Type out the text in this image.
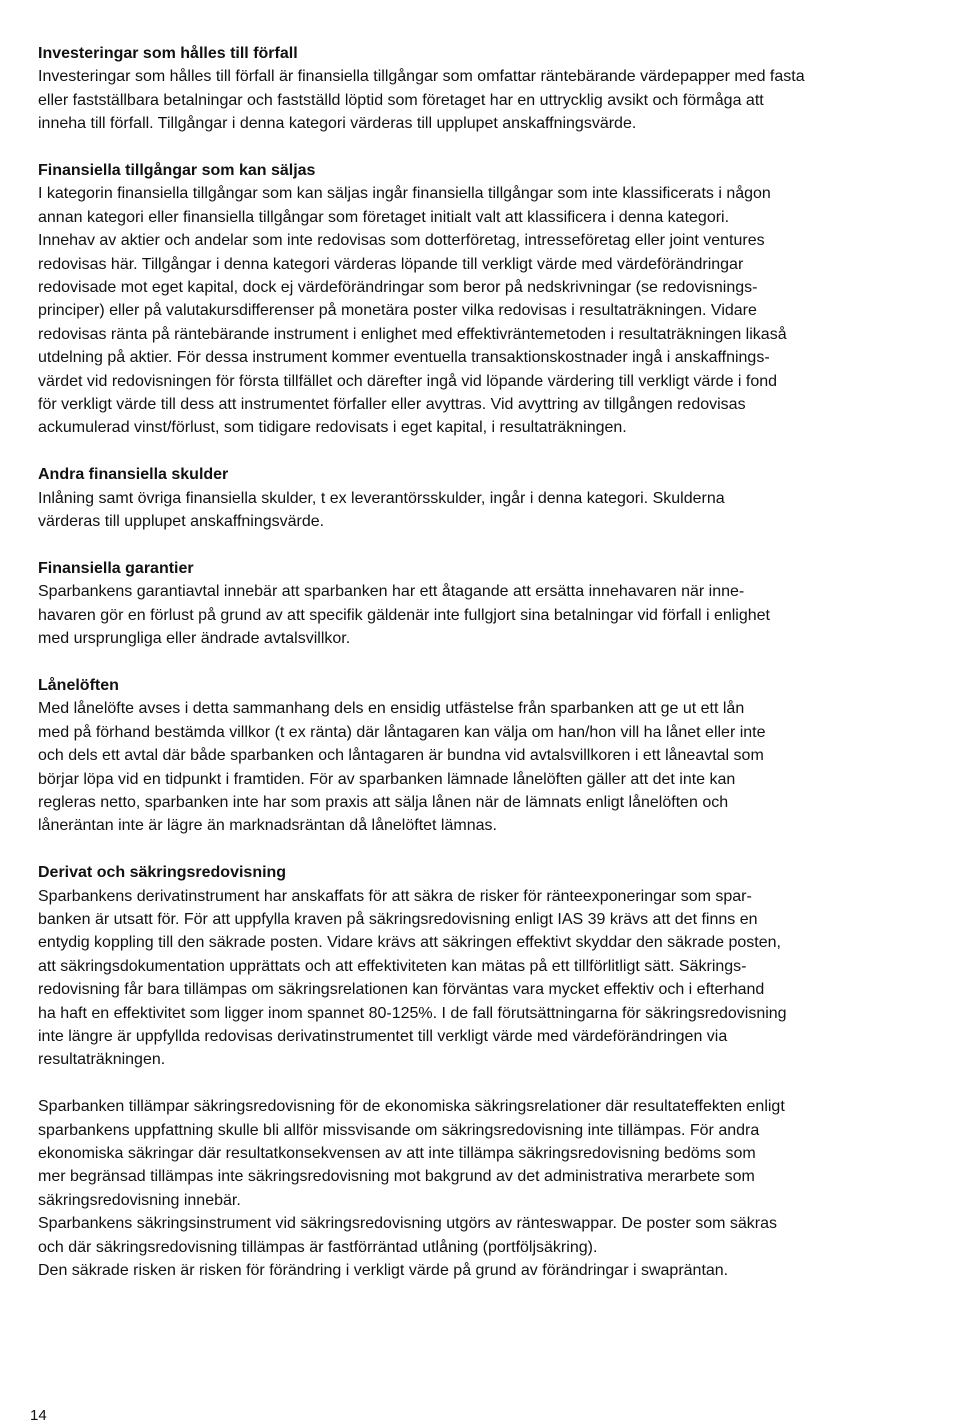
Investeringar som hålles till förfall

Investeringar som hålles till förfall är finansiella tillgångar som omfattar räntebärande värdepapper med fasta
eller fastställbara betalningar och fastställd löptid som företaget har en uttrycklig avsikt och förmåga att
inneha till förfall. Tillgångar i denna kategori värderas till upplupet anskaffningsvärde.

Finansiella tillgångar som kan säljas

I kategorin finansiella tillgångar som kan säljas ingår finansiella tillgångar som inte klassificerats i någon
annan kategori eller finansiella tillgångar som företaget initialt valt att klassificera i denna kategori.
Innehav av aktier och andelar som inte redovisas som dotterföretag, intresseföretag eller joint ventures
redovisas här. Tillgångar i denna kategori värderas löpande till verkligt värde med värdeförändringar
redovisade mot eget kapital, dock ej värdeförändringar som beror på nedskrivningar (se redovisnings-
principer) eller på valutakursdifferenser på monetära poster vilka redovisas i resultaträkningen. Vidare
redovisas ränta på räntebärande instrument i enlighet med effektivräntemetoden i resultaträkningen likaså
utdelning på aktier. För dessa instrument kommer eventuella transaktionskostnader ingå i anskaffnings-
värdet vid redovisningen för första tillfället och därefter ingå vid löpande värdering till verkligt värde i fond
för verkligt värde till dess att instrumentet förfaller eller avyttras. Vid avyttring av tillgången redovisas
ackumulerad vinst/förlust, som tidigare redovisats i eget kapital, i resultaträkningen.

Andra finansiella skulder

Inlåning samt övriga finansiella skulder, t ex leverantörsskulder, ingår i denna kategori. Skulderna
värderas till upplupet anskaffningsvärde.

Finansiella garantier

Sparbankens garantiavtal innebär att sparbanken har ett åtagande att ersätta innehavaren när inne-
havaren gör en förlust på grund av att specifik gäldenär inte fullgjort sina betalningar vid förfall i enlighet
med ursprungliga eller ändrade avtalsvillkor.

Lånelöften

Med lånelöfte avses i detta sammanhang dels en ensidig utfästelse från sparbanken att ge ut ett lån
med på förhand bestämda villkor (t ex ränta) där låntagaren kan välja om han/hon vill ha lånet eller inte
och dels ett avtal där både sparbanken och låntagaren är bundna vid avtalsvillkoren i ett låneavtal som
börjar löpa vid en tidpunkt i framtiden. För av sparbanken lämnade lånelöften gäller att det inte kan
regleras netto, sparbanken inte har som praxis att sälja lånen när de lämnats enligt lånelöften och
låneräntan inte är lägre än marknadsräntan då lånelöftet lämnas.

Derivat och säkringsredovisning

Sparbankens derivatinstrument har anskaffats för att säkra de risker för ränteexponeringar som spar-
banken är utsatt för. För att uppfylla kraven på säkringsredovisning enligt IAS 39 krävs att det finns en
entydig koppling till den säkrade posten. Vidare krävs att säkringen effektivt skyddar den säkrade posten,
att säkringsdokumentation upprättats och att effektiviteten kan mätas på ett tillförlitligt sätt. Säkrings-
redovisning får bara tillämpas om säkringsrelationen kan förväntas vara mycket effektiv och i efterhand
ha haft en effektivitet som ligger inom spannet 80-125%. I de fall förutsättningarna för säkringsredovisning
inte längre är uppfyllda redovisas derivatinstrumentet till verkligt värde med värdeförändringen via
resultaträkningen.

Sparbanken tillämpar säkringsredovisning för de ekonomiska säkringsrelationer där resultateffekten enligt
sparbankens uppfattning skulle bli allför missvisande om säkringsredovisning inte tillämpas. För andra
ekonomiska säkringar där resultatkonsekvensen av att inte tillämpa säkringsredovisning bedöms som
mer begränsad tillämpas inte säkringsredovisning mot bakgrund av det administrativa merarbete som
säkringsredovisning innebär.
Sparbankens säkringsinstrument vid säkringsredovisning utgörs av ränteswappar. De poster som säkras
och där säkringsredovisning tillämpas är fastförräntad utlåning (portföljsäkring).
Den säkrade risken är risken för förändring i verkligt värde på grund av förändringar i swapräntan.

14
